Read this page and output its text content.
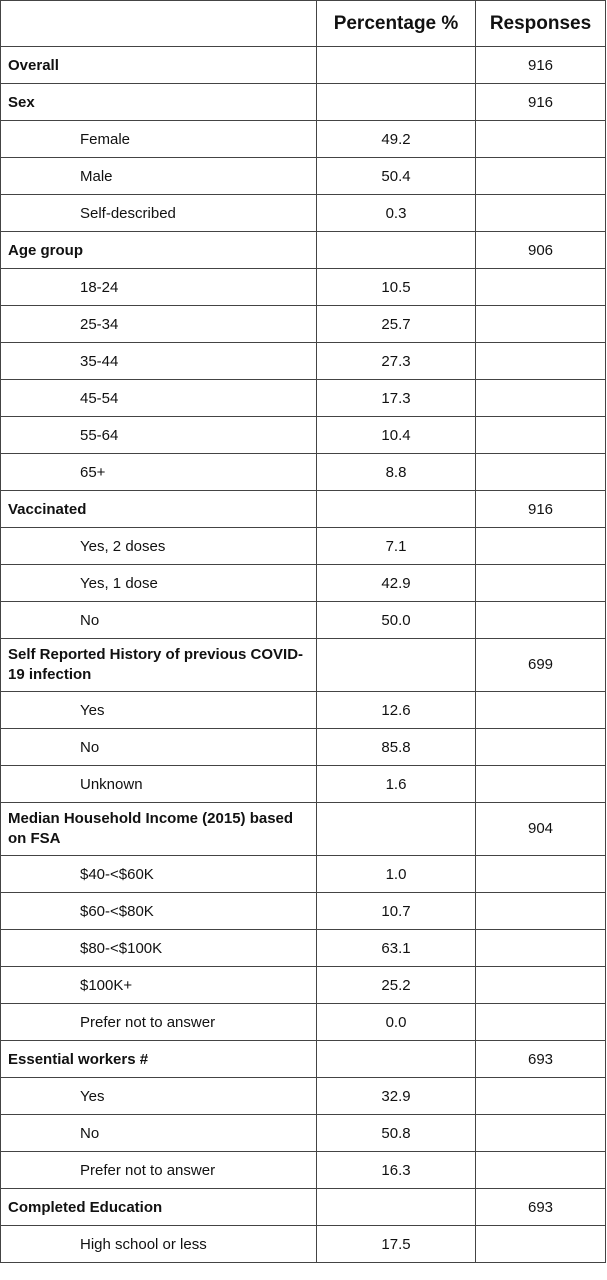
	Percentage %	Responses
Overall		916
Sex		916
Female	49.2	
Male	50.4	
Self-described	0.3	
Age group		906
18-24	10.5	
25-34	25.7	
35-44	27.3	
45-54	17.3	
55-64	10.4	
65+	8.8	
Vaccinated		916
Yes, 2 doses	7.1	
Yes, 1 dose	42.9	
No	50.0	
Self Reported History of previous COVID-19 infection		699
Yes	12.6	
No	85.8	
Unknown	1.6	
Median Household Income (2015) based on FSA		904
$40-<$60K	1.0	
$60-<$80K	10.7	
$80-<$100K	63.1	
$100K+	25.2	
Prefer not to answer	0.0	
Essential workers #		693
Yes	32.9	
No	50.8	
Prefer not to answer	16.3	
Completed Education		693
High school or less	17.5	
